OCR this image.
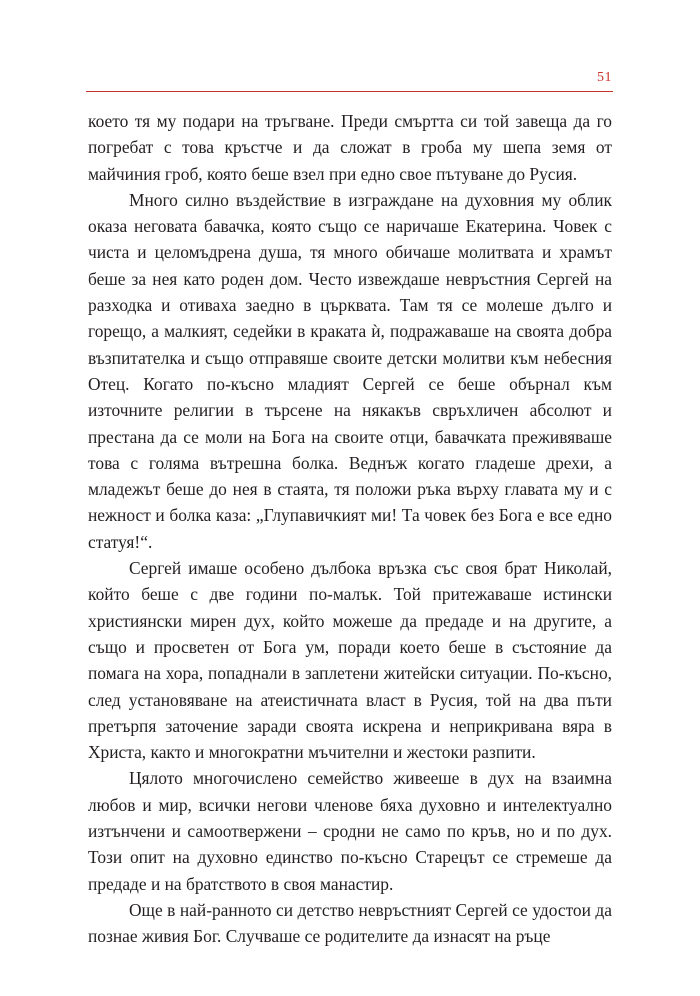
51

което тя му подари на тръгване. Преди смъртта си той завеща да го погребат с това кръстче и да сложат в гроба му шепа земя от майчиния гроб, която беше взел при едно свое пътуване до Русия.

Много силно въздействие в изграждане на духовния му облик оказа неговата бавачка, която също се наричаше Екатерина. Човек с чиста и целомъдрена душа, тя много обичаше молитвата и храмът беше за нея като роден дом. Често извеждаше невръстния Сергей на разходка и отиваха заедно в църквата. Там тя се молеше дълго и горещо, а малкият, седейки в краката ѝ, подражаваше на своята добра възпитателка и също отправяше своите детски молитви към небесния Отец. Когато по-късно младият Сергей се беше обърнал към източните религии в търсене на някакъв свръхличен абсолют и престана да се моли на Бога на своите отци, бавачката преживяваше това с голяма вътрешна болка. Веднъж когато гладеше дрехи, а младежът беше до нея в стаята, тя положи ръка върху главата му и с нежност и болка каза: „Глупавичкият ми! Та човек без Бога е все едно статуя!“.

Сергей имаше особено дълбока връзка със своя брат Николай, който беше с две години по-малък. Той притежаваше истински християнски мирен дух, който можеше да предаде и на другите, а също и просветен от Бога ум, поради което беше в състояние да помага на хора, попаднали в заплетени житейски ситуации. По-късно, след установяване на атеистичната власт в Русия, той на два пъти претърпя заточение заради своята искрена и неприкривана вяра в Христа, както и многократни мъчителни и жестоки разпити.

Цялото многочислено семейство живееше в дух на взаимна любов и мир, всички негови членове бяха духовно и интелектуално изтънчени и самоотвержени – сродни не само по кръв, но и по дух. Този опит на духовно единство по-късно Старецът се стремеше да предаде и на братството в своя манастир.

Още в най-ранното си детство невръстният Сергей се удостои да познае живия Бог. Случваше се родителите да изнасят на ръце
